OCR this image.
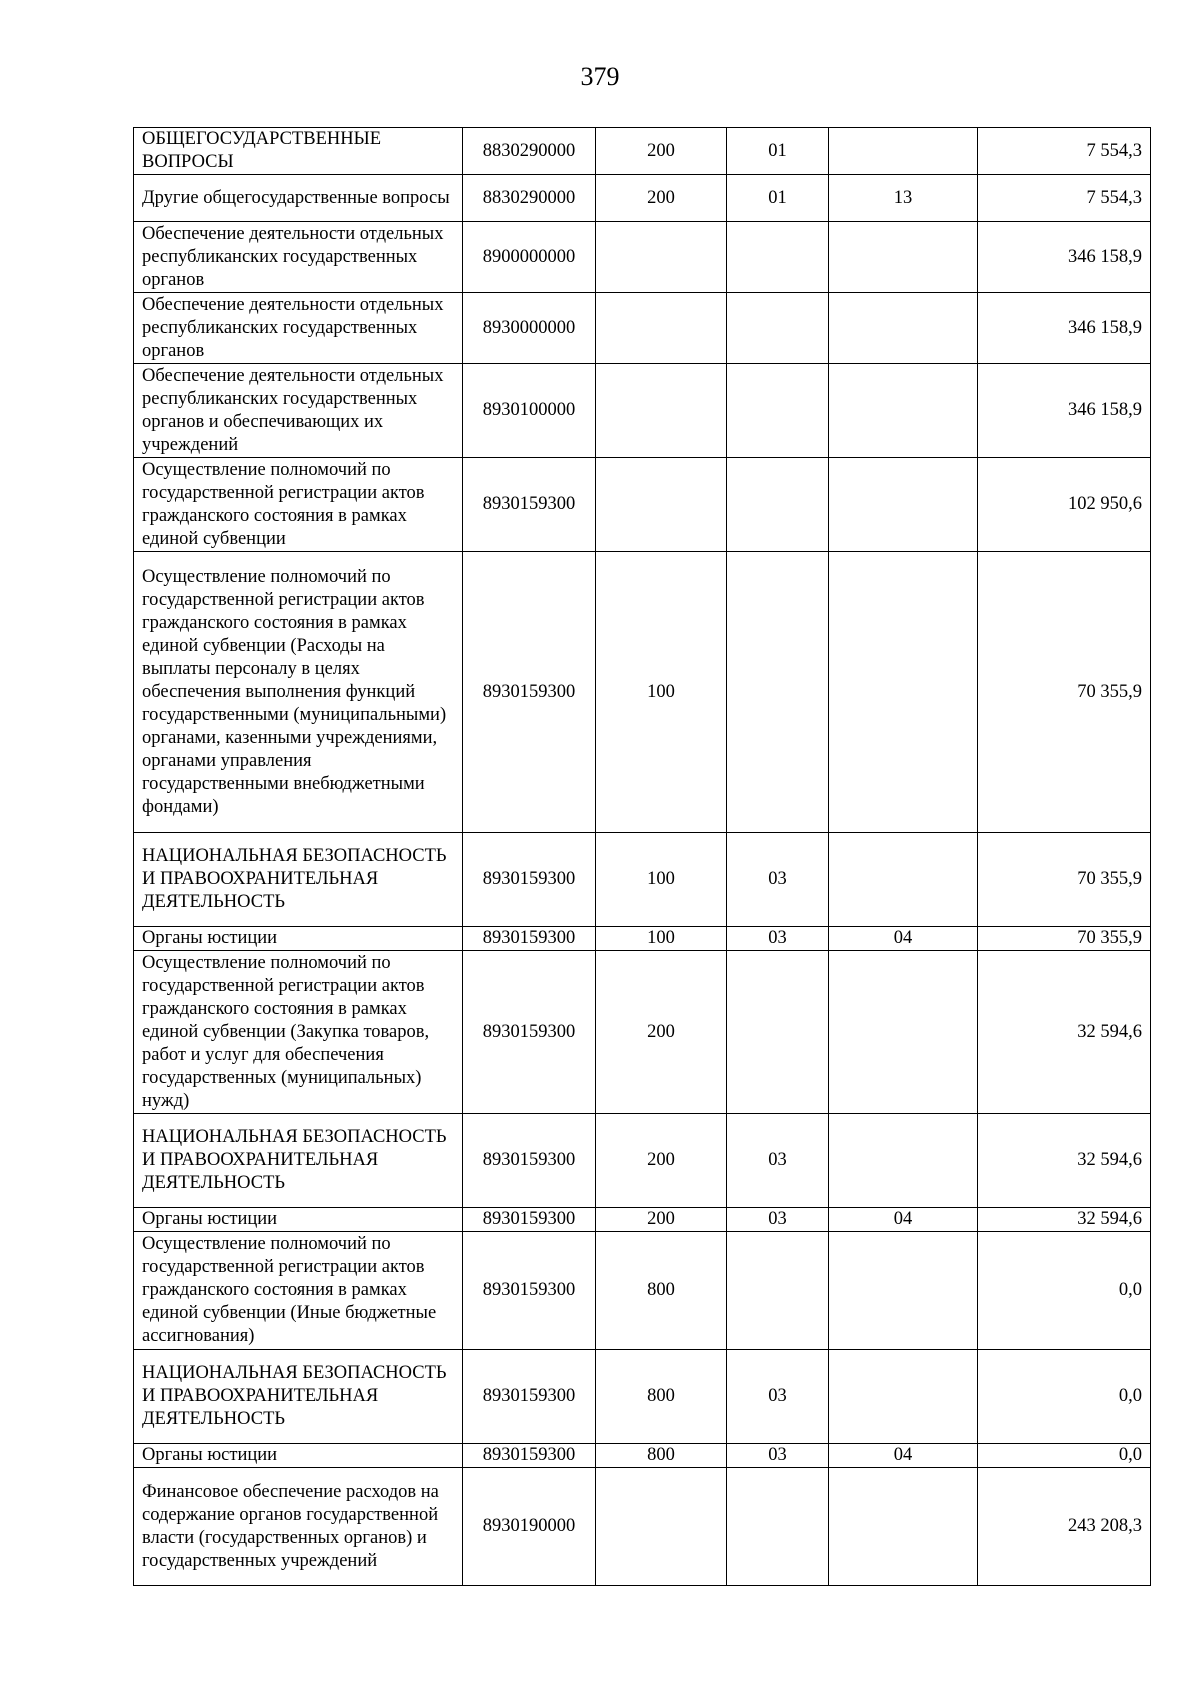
379
ОБЩЕГОСУДАРСТВЕННЫЕ ВОПРОСЫ	8830290000	200	01		7 554,3
Другие общегосударственные вопросы	8830290000	200	01	13	7 554,3
Обеспечение деятельности отдельных республиканских государственных органов	8900000000				346 158,9
Обеспечение деятельности отдельных республиканских государственных органов	8930000000				346 158,9
Обеспечение деятельности отдельных республиканских государственных органов и обеспечивающих их учреждений	8930100000				346 158,9
Осуществление полномочий по государственной регистрации актов гражданского состояния в рамках единой субвенции	8930159300				102 950,6
Осуществление полномочий по государственной регистрации актов гражданского состояния в рамках единой субвенции (Расходы на выплаты персоналу в целях обеспечения выполнения функций государственными (муниципальными) органами, казенными учреждениями, органами управления государственными внебюджетными фондами)	8930159300	100			70 355,9
НАЦИОНАЛЬНАЯ БЕЗОПАСНОСТЬ И ПРАВООХРАНИТЕЛЬНАЯ ДЕЯТЕЛЬНОСТЬ	8930159300	100	03		70 355,9
Органы юстиции	8930159300	100	03	04	70 355,9
Осуществление полномочий по государственной регистрации актов гражданского состояния в рамках единой субвенции (Закупка товаров, работ и услуг для обеспечения государственных (муниципальных) нужд)	8930159300	200			32 594,6
НАЦИОНАЛЬНАЯ БЕЗОПАСНОСТЬ И ПРАВООХРАНИТЕЛЬНАЯ ДЕЯТЕЛЬНОСТЬ	8930159300	200	03		32 594,6
Органы юстиции	8930159300	200	03	04	32 594,6
Осуществление полномочий по государственной регистрации актов гражданского состояния в рамках единой субвенции (Иные бюджетные ассигнования)	8930159300	800			0,0
НАЦИОНАЛЬНАЯ БЕЗОПАСНОСТЬ И ПРАВООХРАНИТЕЛЬНАЯ ДЕЯТЕЛЬНОСТЬ	8930159300	800	03		0,0
Органы юстиции	8930159300	800	03	04	0,0
Финансовое обеспечение расходов на содержание органов государственной власти (государственных органов) и государственных учреждений	8930190000				243 208,3
